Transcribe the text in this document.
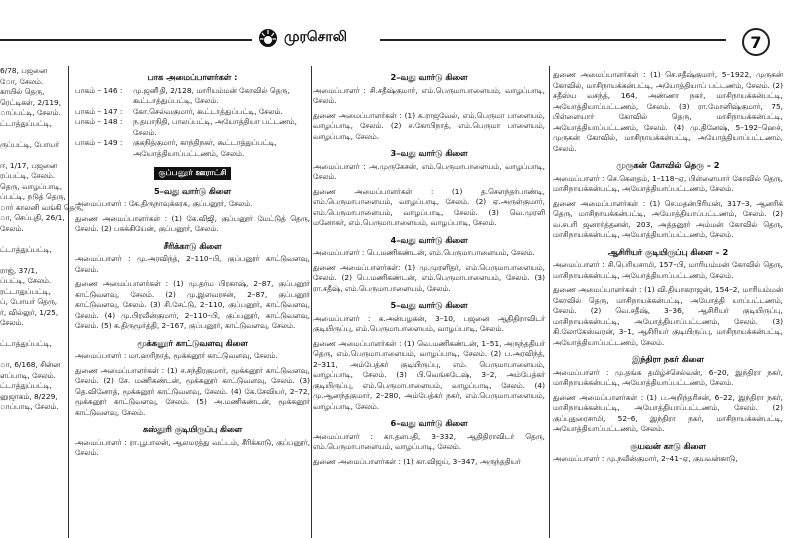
முரசொலி	7

6/78, பஜனை

ோ, சேலம்.

காயில் தெரு,

ரெட்டிகள், 2/119,

ாப்பட்டி, சேலம்.

ட்டாத்துப்பட்டி,

ருப்பட்டி, போயர்

ஈ, 1/17, பஜனை

ரப்பட்டி, சேலம்.

தெரு, வாழப்பாடி,

ப்பட்டி, நடுத் தெரு,

ார் காலனி வங்கி தெரு,

ா, செப்புதி, 26/1,

சேலம்.

ட்டாத்துப்பட்டி,

ராஜ், 37/1,

ப்பட்டி, சேலம்.

ரட்டாதுப்பட்டி,

ப், போயர் தெரு,

ர், வில்லுர், 1/25,

சேலம்.

ட்டாத்துப்பட்டி,

ா, 6/168, சின்ன

ளப்பாடி, சேலம்.

ட்டாத்துப்பட்டி,

னுஜாகம், 8/229,

ாப்பாடி, சேலம்.

பாக அமைப்பாளர்கள் :
பாகம் – 146 :	மு.ஜனி்தி, 2/128, மாரியம்மன் கோவில் தெரு, கூட்டாத்துப்பட்டி, சேலம்.
பாகம் – 147 :	கோ.செல்வகுமார், கூட்டாத்துப்பட்டி, சேலம்.
பாகம் – 148 :	ந.தயாநிதி, பாலப்பட்டி, அயோத்தியா பட்டணம், சேலம்.
பாகம் – 149 :	குகநித்குமார், காந்திநகர், கூட்டாத்துப்பட்டி, அயோத்தியாப்பட்டணம், சேலம்.
குப்பனூர் ஊராட்சி
5–வது வார்டு கிளை

அமைப்பாளர் : கே.திருநாவுக்கரசு, குப்பனூர், சேலம்.

துணை அமைப்பாளர்கள் : (1) கே.விஜி, குப்பனூர் மேட்டுத் தெரு, சேலம். (2) பசுக்கியேன், குப்பனூர், சேலம்.

சீரிக்காடு கிளை

அமைப்பாளர் : மு.அரவிந்த், 2–110–பி, குப்பனூர் காட்டுவளவு, சேலம்.

துணை அமைப்பாளர்கள் : (1) மு.தர்ம பிரகாஷ், 2–87, குப்பனூர் காட்டுவளவு, சேலம். (2) மு.இளவரசன், 2–87, குப்பனூர் காட்டுவளவு, சேலம். (3) சி.சேட்டு, 2–110, குப்பனூர், காட்டுவளவு, சேலம். (4) மு.பிரவீன்குமார், 2–110–பி, குப்பனூர், காட்டுவளவு, சேலம். (5) க.திருமூர்த்தி, 2–167, குப்பனூர், காட்டுவளவு, சேலம்.

மூக்கனூர் காட்டுவளவு கிளை

அமைப்பாளர் : மா.ஹரிநாத், மூக்கனூர் காட்டுவளவு, சேலம்.

துணை அமைப்பாளர்கள் : (1) ச.சந்திரகுமார், மூக்கனூர் காட்டுவளவு, சேலம். (2) சே. மணிகண்டன், மூக்கனூர் காட்டுவளவு, சேலம். (3) தெ.வினோத், மூக்கனூர் காட்டுவளவு, சேலம். (4) கே.சேவியர், 2–72, மூக்கனூர் காட்டுவளவு, சேலம். (5) அ.மணிகண்டன், மூக்கனூர் காட்டுவளவு, சேலம்.

கஸ்தூரி குடியிருப்பு கிளை

அமைப்பாளர் : ரா.பூபாலன், ஆலமரத்து வட்டம், சீரிக்காடு, குப்பனூர், சேலம்.

2–வது வார்டு கிளை

அமைப்பாளர் : சி.சதீஷ்குமார், எம்.பெருமாபாளையம், வாழப்பாடி, சேலம்.

துணை அமைப்பாளர்கள் : (1) சு.ராஜவேல், எம்.பெருமா பாளையம், வாழப்பாடி, சேலம். (2) ச.கோபிநாத், எம்.பெருமா பாளையம், வாழப்பாடி, சேலம்.

3–வது வார்டு கிளை

அமைப்பாளர் : அ.முருகேசன், எம்.பெருமாபாளையம், வாழப்பாடி, சேலம்.

துணை அமைப்பாளர்கள் : (1) த.சௌந்தர்பாண்டி, எம்.பெருமாபாளையம், வாழப்பாடி, சேலம். (2) ஏ.அருள்குமார், எம்.பெருமாபாளையம், வாழப்பாடி, சேலம். (3) வெ.முரளி மனோகர், எம்.பெருமாபாளையம், வாழப்பாடி, சேலம்.

4–வது வார்டு கிளை

அமைப்பாளர் : பெ.மணிகண்டன், எம்.பெருமாபாளையம், சேலம்.

துணை அமைப்பாளர்கள்: (1) மு.முரளிதர், எம்.பெருமாபாளையம், சேலம். (2) பெ.மணிகண்டன், எம்.பெருமாபாளையம், சேலம். (3) ரா.சதீஷ், எம்.பெருமாபாளையம், சேலம்.

5–வது வார்டு கிளை

அமைப்பாளர் : க.அன்பழகன், 3–10, பஜனை ஆதிதிராவிடர் குடியிருப்பு, எம்.பெருமாபாளையம், வாழப்பாடி, சேலம்.

துணை அமைப்பாளர்கள் : (1) வெ.மணிகண்டன், 1–51, அருந்ததியர் தெரு, எம்.பெருமாபாளையம், வாழப்பாடி, சேலம். (2) ப.அரவிந்த், 2–311, அம்பேத்கர் குடியிருப்பு, எம். பெருமாபாளையம், வாழப்பாடி, சேலம். (3) பி.வெங்கடேஷ், 3–2, அம்பேத்கர் குடியிருப்பு, எம்.பெருமாபாளையம், வாழப்பாடி, சேலம். (4) மு.ஆனந்தகுமார், 2–280, அம்பேத்கர் நகர், எம்.பெருமாபாளையம், வாழப்பாடி, சேலம்.

6–வது வார்டு கிளை

அமைப்பாளர் : கா.தளபதி, 3–332, ஆதிதிராவிடர் தெரு, எம்.பெருமாபாளையம், வாழப்பாடி, சேலம்.

துணை அமைப்பாளர்கள் : (1) கா.விஜய், 3–347, அருந்ததியர்

துணை அமைப்பாளர்கள் : (1) செ.சதீஷ்குமார், 5–1922, முருகன் கோவில், மாசிநாயக்கன்பட்டி, அயோத்தியாப் பட்டணம், சேலம். (2) சதீஸ்ய வசந்த், 164, அண்ணா நகர், மாசிநாயக்கன்பட்டி, அயோத்தியாப்பட்டணம், சேலம். (3) ரா.மோனிஷ்குமார், 75, பிள்ளையார் கோவில் தெரு, மாசிநாயக்கன்பட்டி, அயோத்தியாப்பட்டணம், சேலம். (4) மு.தினேஷ், 5–192–ஹெச், முருகன் கோவில், மாசிநாயக்கன்பட்டி, அயோத்தியாப்பட்டணம், சேலம்.

முருகன் கோவில் தெரு – 2

அமைப்பாளர் : செ.கௌதம், 1–118–ஏ, பிள்ளையார் கோவில் தெரு, மாசிநாயக்கன்பட்டி, அயோத்தியாப்பட்டணம், சேலம்.

துணை அமைப்பாளர்கள் : (1) செ.மதன்பிரியன், 317–3, ஆனரிக் தெரு, மாசிநாயக்கன்பட்டி, அயோத்தியாப்பட்டணம், சேலம். (2) வ.சபரி ஜனார்த்தனன், 203, அத்தனூர் அம்மன் கோவில் தெரு, மாசிநாயக்கன்பட்டி, அயோத்தியாப்பட்டணம், சேலம்.

ஆசிரியர் குடியிருப்பு கிளை – 2

அமைப்பாளர் : சி.பெரியசாமி, 157–பி, மாரியம்மன் கோவில் தெரு, மாசிநாயக்கன்பட்டி, அயோத்தியாப்பட்டணம், சேலம்.

துணை அமைப்பாளர்கள் : (1) வி.தியாகராஜன், 154–2, மாரியம்மன் கோவில் தெரு, மாசிநாயக்கன்பட்டி, அயோத்தி யாப்பட்டணம், சேலம். (2) வெ.சதீஷ், 3–36, ஆசிரியர் குடியிருப்பு, மாசிநாயக்கன்பட்டி, அயோத்தியாப்பட்டணம், சேலம். (3) கி.லோகேஸ்வரன், 3–1, ஆசிரியர் குடியிருப்பு, மாசிநாயக்கன்பட்டி, அயோத்தியாப்பட்டணம், சேலம்.

இந்திரா நகர் கிளை

அமைப்பாளர் : மு.தங்க தமிழ்ச்செல்வன், 6–20, இந்திரா நகர், மாசிநாயக்கன்பட்டி, அயோத்தியாப்பட்டணம், சேலம்.

துணை அமைப்பாளர்கள் : (1) ப.அறிந்தரிசன், 6–22, இந்திரா நகர், மாசிநாயக்கன்பட்டி, அயோத்தியாப்பட்டணம், சேலம். (2) குப்புதுரைசாமி, 52–6, இந்திரா நகர், மாசிநாயக்கன்பட்டி, அயோத்தியாப்பட்டணம், சேலம்.

குயவன் காடு கிளை

அமைப்பாளர் : மு.நவீன்குமார், 2–41–ஏ, குயவன்காடு,
